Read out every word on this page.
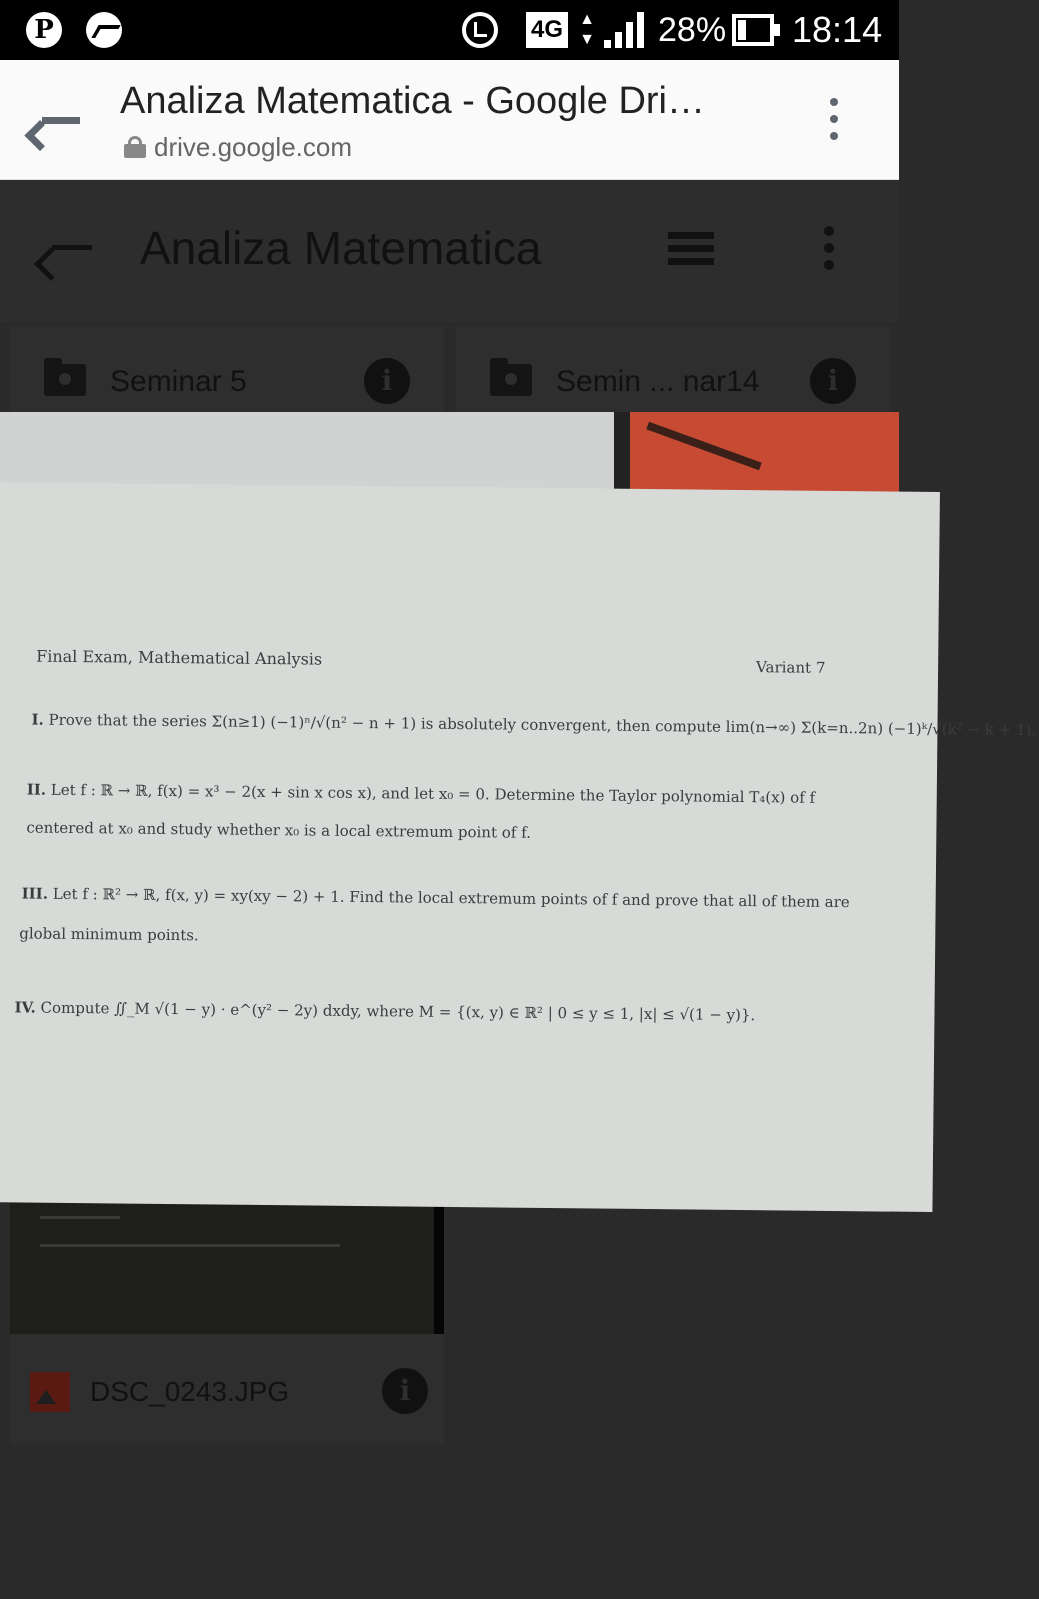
P
4G	▲
▼ 28% 18:14
Analiza Matematica - Google Dri…
drive.google.com
Analiza Matematica
Seminar 5	i	Semin ... nar14	i
DSC_0243.JPG	i
Final Exam, Mathematical Analysis	Variant 7
I. Prove that the series Σ(n≥1) (−1)ⁿ/√(n² − n + 1) is absolutely convergent, then compute lim(n→∞) Σ(k=n..2n) (−1)ᵏ/√(k² − k + 1).
II. Let f : ℝ → ℝ, f(x) = x³ − 2(x + sin x cos x), and let x₀ = 0. Determine the Taylor polynomial T₄(x) of f
centered at x₀ and study whether x₀ is a local extremum point of f.
III. Let f : ℝ² → ℝ, f(x, y) = xy(xy − 2) + 1. Find the local extremum points of f and prove that all of them are
global minimum points.
IV. Compute ∬_M √(1 − y) · e^(y² − 2y) dxdy, where M = {(x, y) ∈ ℝ² | 0 ≤ y ≤ 1, |x| ≤ √(1 − y)}.
